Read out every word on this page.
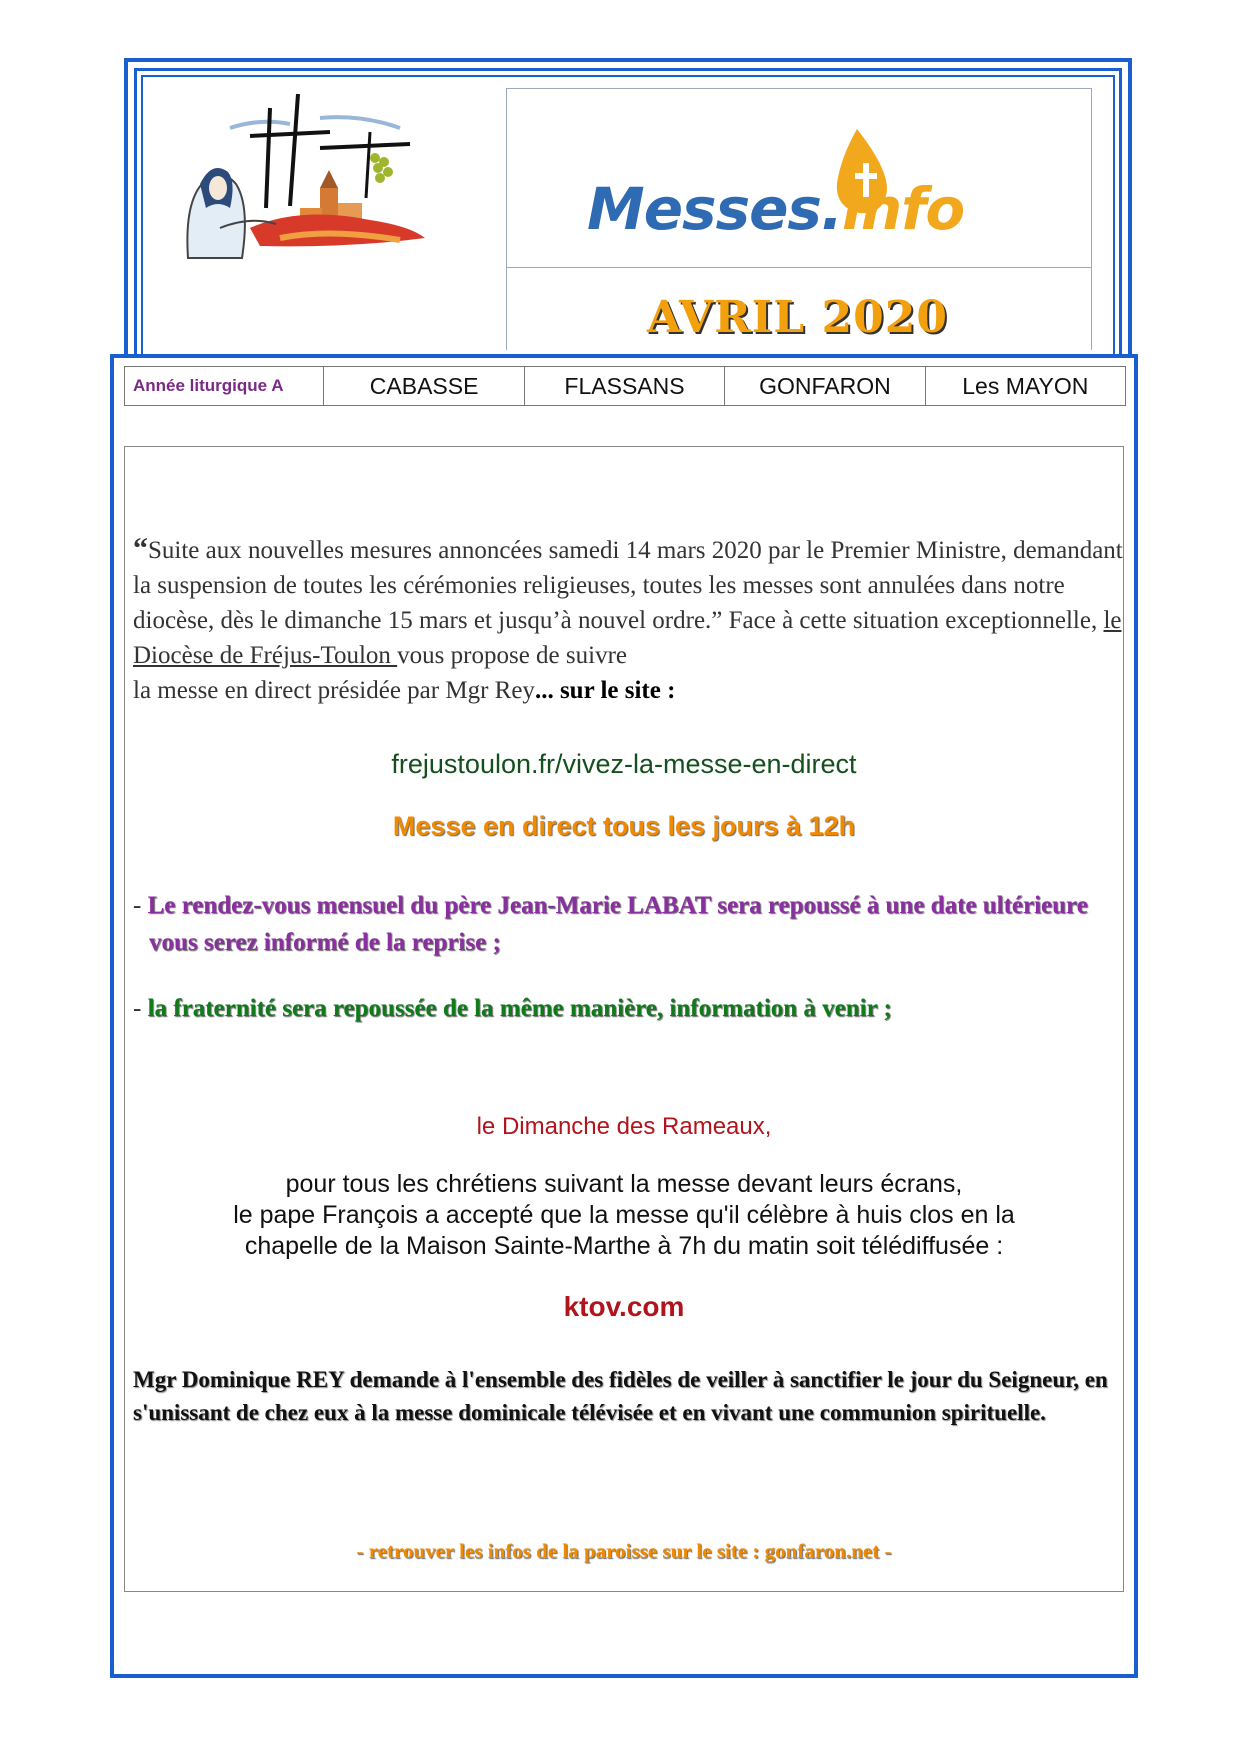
Messes.info
AVRIL 2020
Année liturgique A	CABASSE	FLASSANS	GONFARON	Les MAYON
“Suite aux nouvelles mesures annoncées samedi 14 mars 2020 par le Premier Ministre, demandant la suspension de toutes les cérémonies religieuses, toutes les messes sont annulées dans notre diocèse, dès le dimanche 15 mars et jusqu’à nouvel ordre.” Face à cette situation exceptionnelle, le Diocèse de Fréjus-Toulon vous propose de suivre
la messe en direct présidée par Mgr Rey... sur le site :
frejustoulon.fr/vivez-la-messe-en-direct
Messe en direct tous les jours à 12h
- Le rendez-vous mensuel du père Jean-Marie LABAT sera repoussé à une date ultérieure
vous serez informé de la reprise ;
- la fraternité sera repoussée de la même manière, information à venir ;
le Dimanche des Rameaux,
pour tous les chrétiens suivant la messe devant leurs écrans,
le pape François a accepté que la messe qu'il célèbre à huis clos en la
chapelle de la Maison Sainte-Marthe à 7h du matin soit télédiffusée :
ktov.com
Mgr Dominique REY demande à l'ensemble des fidèles de veiller à sanctifier le jour du Seigneur, en s'unissant de chez eux à la messe dominicale télévisée et en vivant une communion spirituelle.
- retrouver les infos de la paroisse sur le site : gonfaron.net -
